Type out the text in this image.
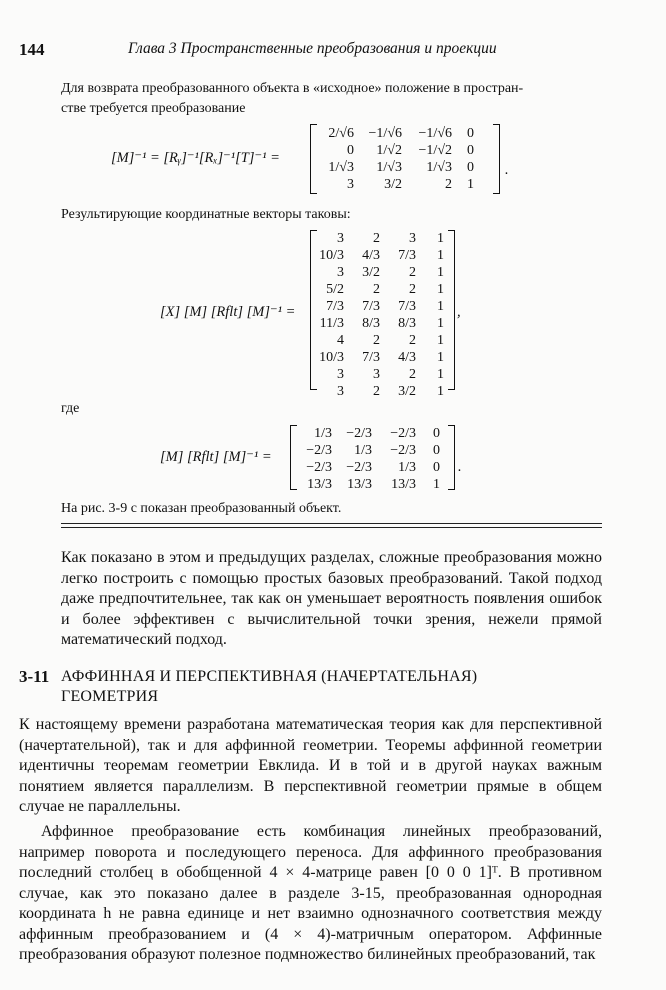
144	Глава 3 Пространственные преобразования и проекции
Для возврата преобразованного объекта в «исходное» положение в простран-
стве требуется преобразование
[M]⁻¹ = [Rᵧ]⁻¹[Rₓ]⁻¹[T]⁻¹ =
2/√6	−1/√6	−1/√6	0
0	1/√2	−1/√2	0
1/√3	1/√3	1/√3	0
3	3/2	2	1
.
Результирующие координатные векторы таковы:
[X] [M] [Rflt] [M]⁻¹ =
3	2	3	1
10/3	4/3	7/3	1
3	3/2	2	1
5/2	2	2	1
7/3	7/3	7/3	1
11/3	8/3	8/3	1
4	2	2	1
10/3	7/3	4/3	1
3	3	2	1
3	2	3/2	1
,
где
[M] [Rflt] [M]⁻¹ =
1/3	−2/3	−2/3	0
−2/3	1/3	−2/3	0
−2/3	−2/3	1/3	0
13/3	13/3	13/3	1
.
На рис. 3-9 c показан преобразованный объект.
Как показано в этом и предыдущих разделах, сложные преобразования можно легко построить с помощью простых базовых преобразований. Такой подход даже предпочтительнее, так как он уменьшает вероятность появления ошибок и более эффективен с вычислительной точки зрения, нежели прямой математический подход.
3-11 АФФИННАЯ И ПЕРСПЕКТИВНАЯ (НАЧЕРТАТЕЛЬНАЯ)
ГЕОМЕТРИЯ
К настоящему времени разработана математическая теория как для перспективной (начертательной), так и для аффинной геометрии. Теоремы аффинной геометрии идентичны теоремам геометрии Евклида. И в той и в другой науках важным понятием является параллелизм. В перспективной геометрии прямые в общем случае не параллельны.
Аффинное преобразование есть комбинация линейных преобразований, например поворота и последующего переноса. Для аффинного преобразования последний столбец в обобщенной 4 × 4-матрице равен [0 0 0 1]ᵀ. В противном случае, как это показано далее в разделе 3-15, преобразованная однородная координата h не равна единице и нет взаимно однозначного соответствия между аффинным преобразованием и (4 × 4)-матричным оператором. Аффинные преобразования образуют полезное подмножество билинейных преобразований, так
